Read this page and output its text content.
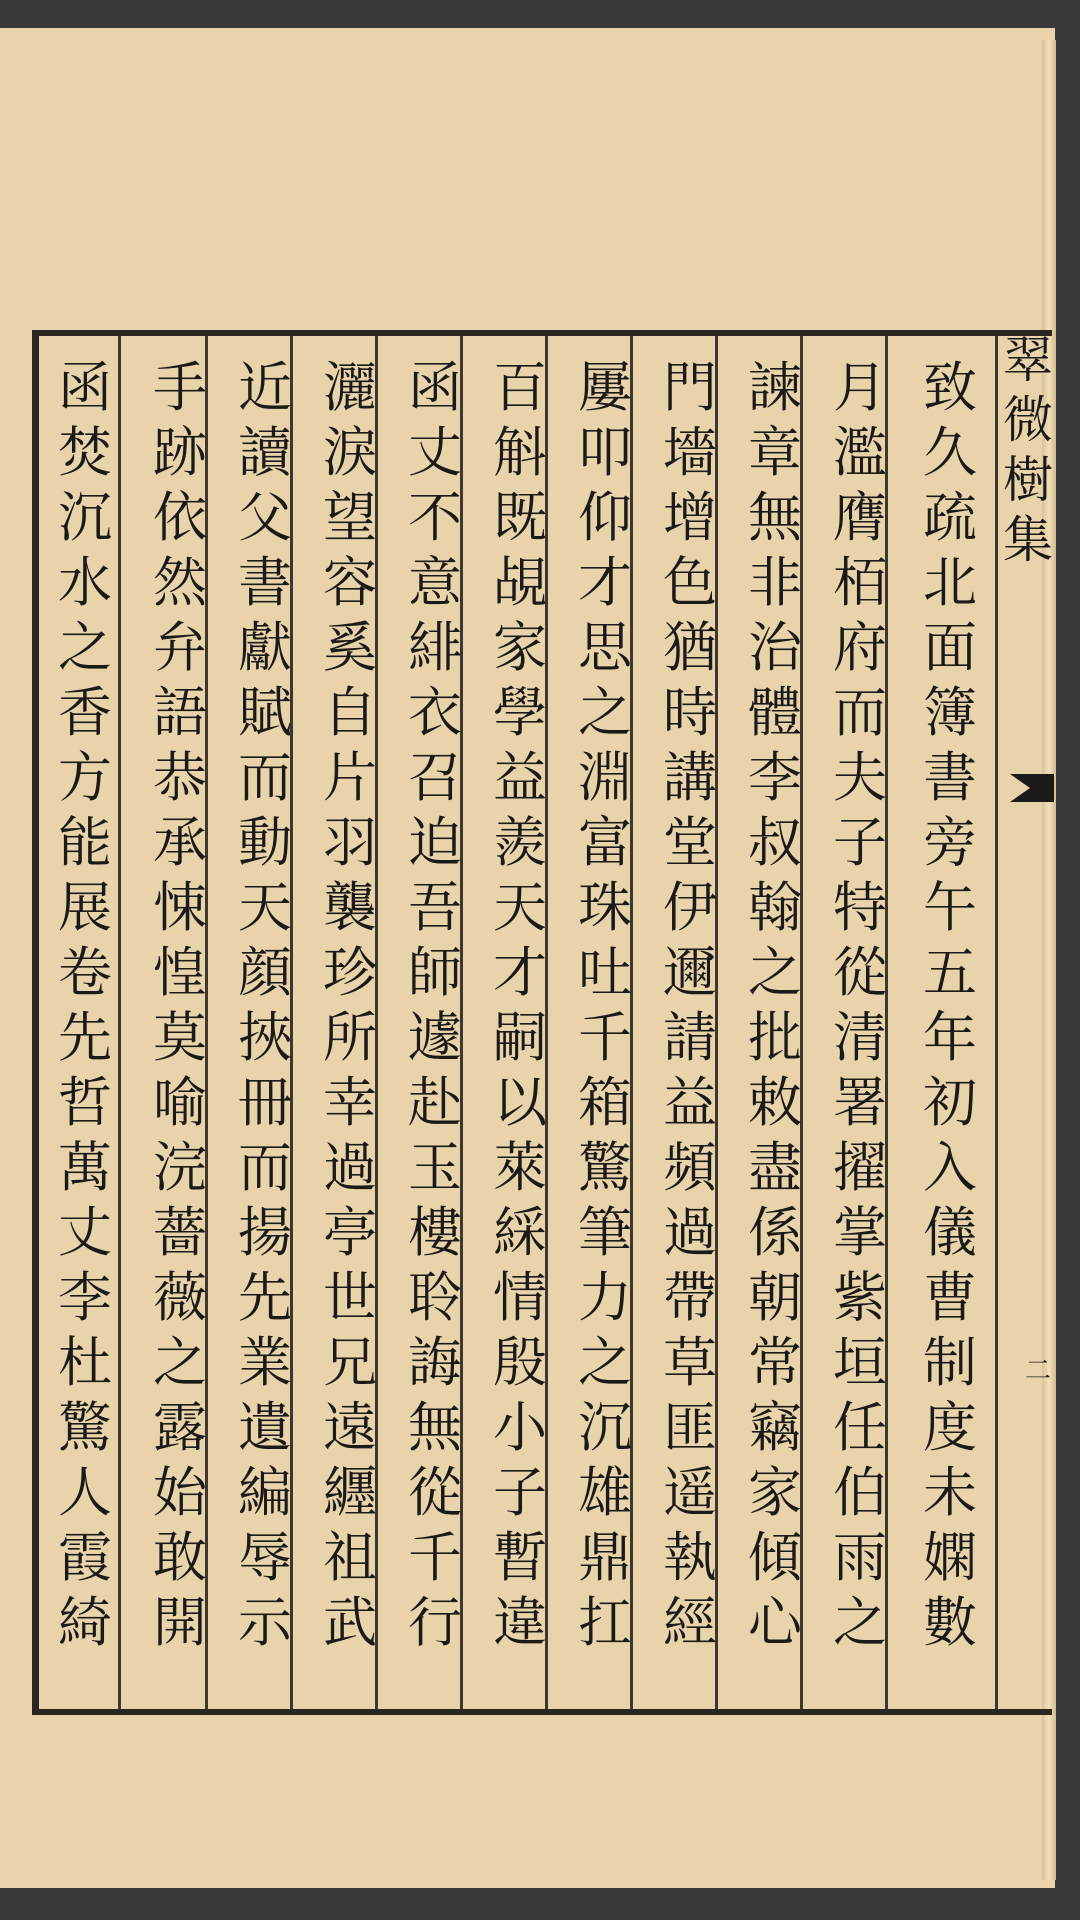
翠
微
樹
集
二
致
久
疏
北
面
簿
書
旁
午
五
年
初
入
儀
曹
制
度
未
嫻
數
月
濫
膺
栢
府
而
夫
子
特
從
清
署
擢
掌
紫
垣
任
伯
雨
之
諫
章
無
非
治
體
李
叔
翰
之
批
敕
盡
係
朝
常
竊
家
傾
心
門
墻
增
色
猶
時
講
堂
伊
邇
請
益
頻
過
帶
草
匪
遥
執
經
屢
叩
仰
才
思
之
淵
富
珠
吐
千
箱
驚
筆
力
之
沉
雄
鼎
扛
百
斛
既
覘
家
學
益
羨
天
才
嗣
以
萊
綵
情
殷
小
子
暫
違
函
丈
不
意
緋
衣
召
迫
吾
師
遽
赴
玉
樓
聆
誨
無
從
千
行
灑
淚
望
容
奚
自
片
羽
襲
珍
所
幸
過
亭
世
兄
遠
纒
祖
武
近
讀
父
書
獻
賦
而
動
天
顔
挾
冊
而
揚
先
業
遺
編
辱
示
手
跡
依
然
弁
語
恭
承
悚
惶
莫
喻
浣
薔
薇
之
露
始
敢
開
函
焚
沉
水
之
香
方
能
展
卷
先
哲
萬
丈
李
杜
驚
人
霞
綺
